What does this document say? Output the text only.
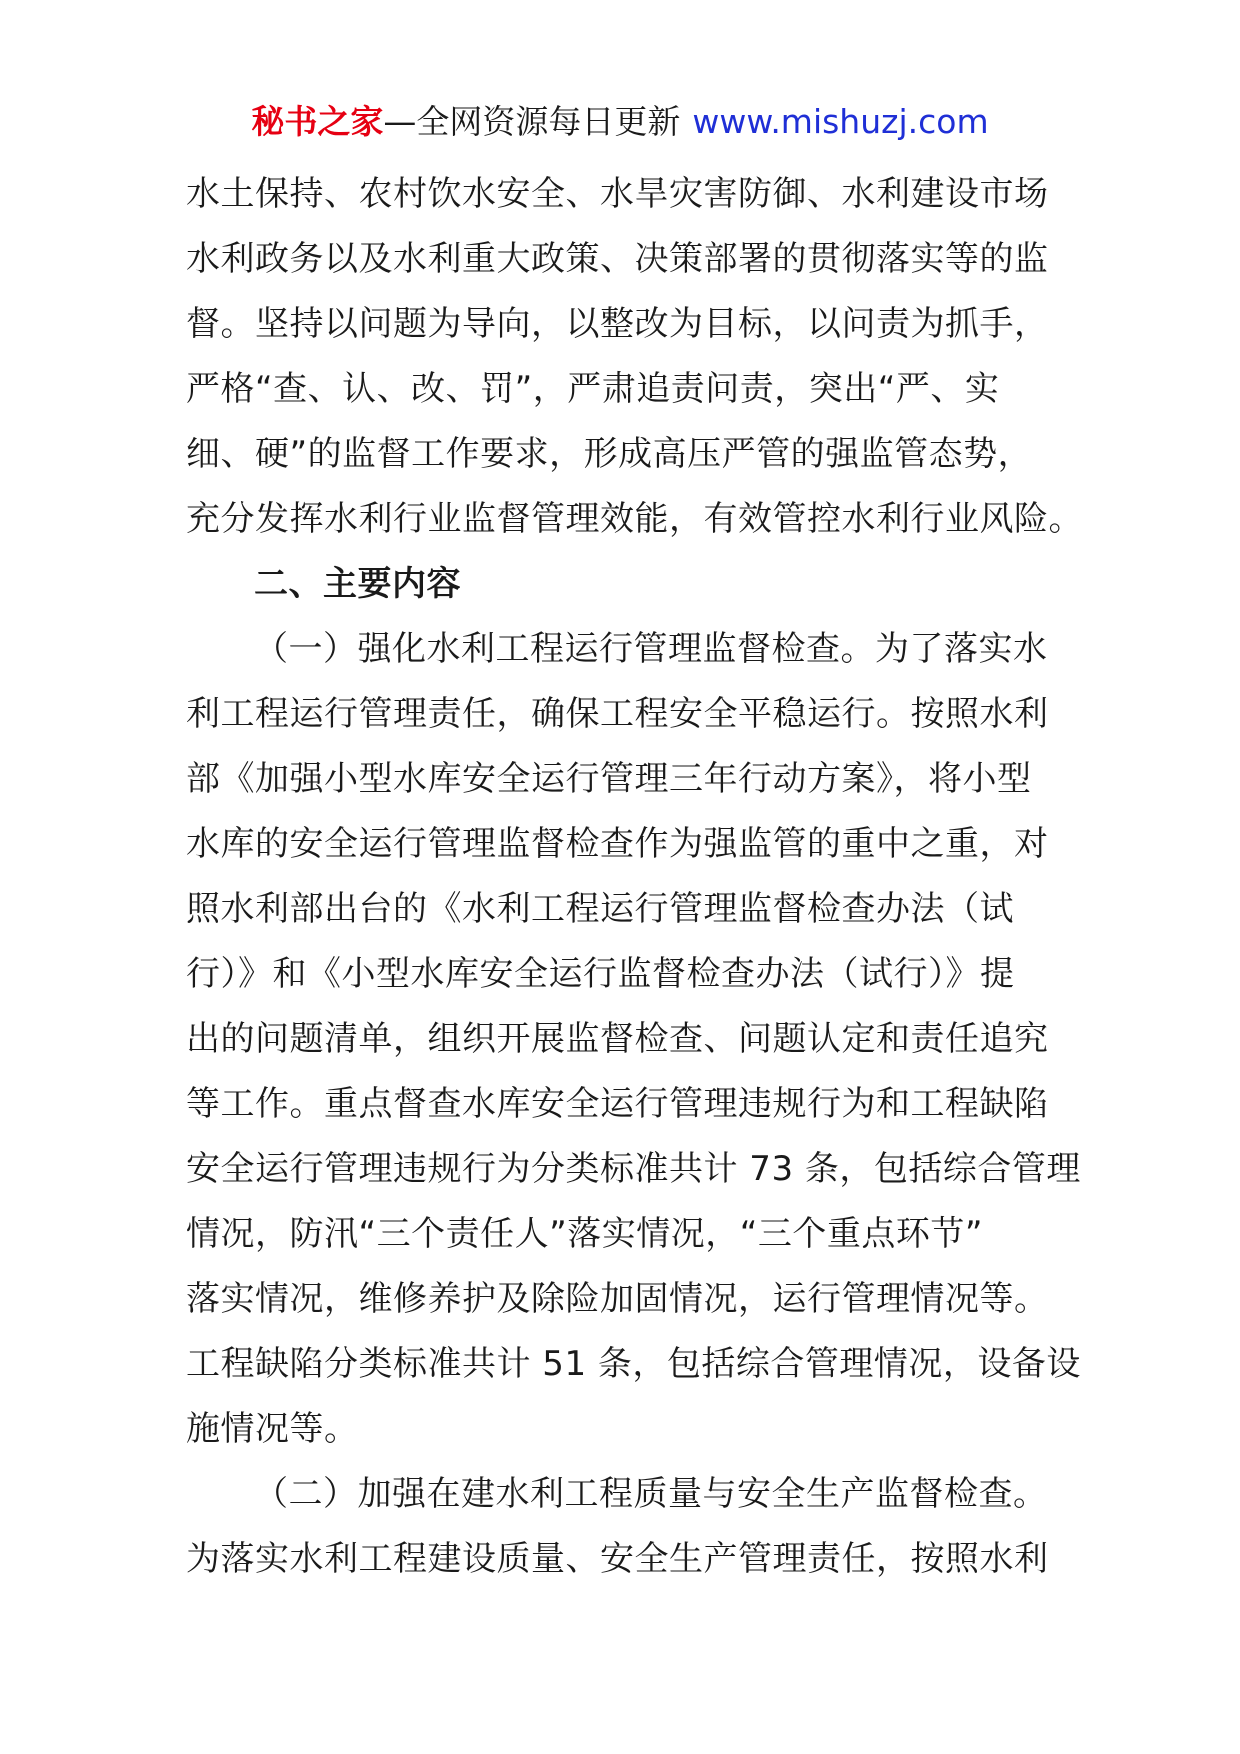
秘书之家—全网资源每日更新 www.mishuzj.com
水土保持、农村饮水安全、水旱灾害防御、水利建设市场
水利政务以及水利重大政策、决策部署的贯彻落实等的监
督。坚持以问题为导向，以整改为目标，以问责为抓手，
严格“查、认、改、罚”，严肃追责问责，突出“严、实
细、硬”的监督工作要求，形成高压严管的强监管态势，
充分发挥水利行业监督管理效能，有效管控水利行业风险。
二、主要内容
（一）强化水利工程运行管理监督检查。为了落实水
利工程运行管理责任，确保工程安全平稳运行。按照水利
部《加强小型水库安全运行管理三年行动方案》，将小型
水库的安全运行管理监督检查作为强监管的重中之重，对
照水利部出台的《水利工程运行管理监督检查办法（试
行）》和《小型水库安全运行监督检查办法（试行）》提
出的问题清单，组织开展监督检查、问题认定和责任追究
等工作。重点督查水库安全运行管理违规行为和工程缺陷
安全运行管理违规行为分类标准共计 73 条，包括综合管理
情况，防汛“三个责任人”落实情况，“三个重点环节”
落实情况，维修养护及除险加固情况，运行管理情况等。
工程缺陷分类标准共计 51 条，包括综合管理情况，设备设
施情况等。
（二）加强在建水利工程质量与安全生产监督检查。
为落实水利工程建设质量、安全生产管理责任，按照水利
